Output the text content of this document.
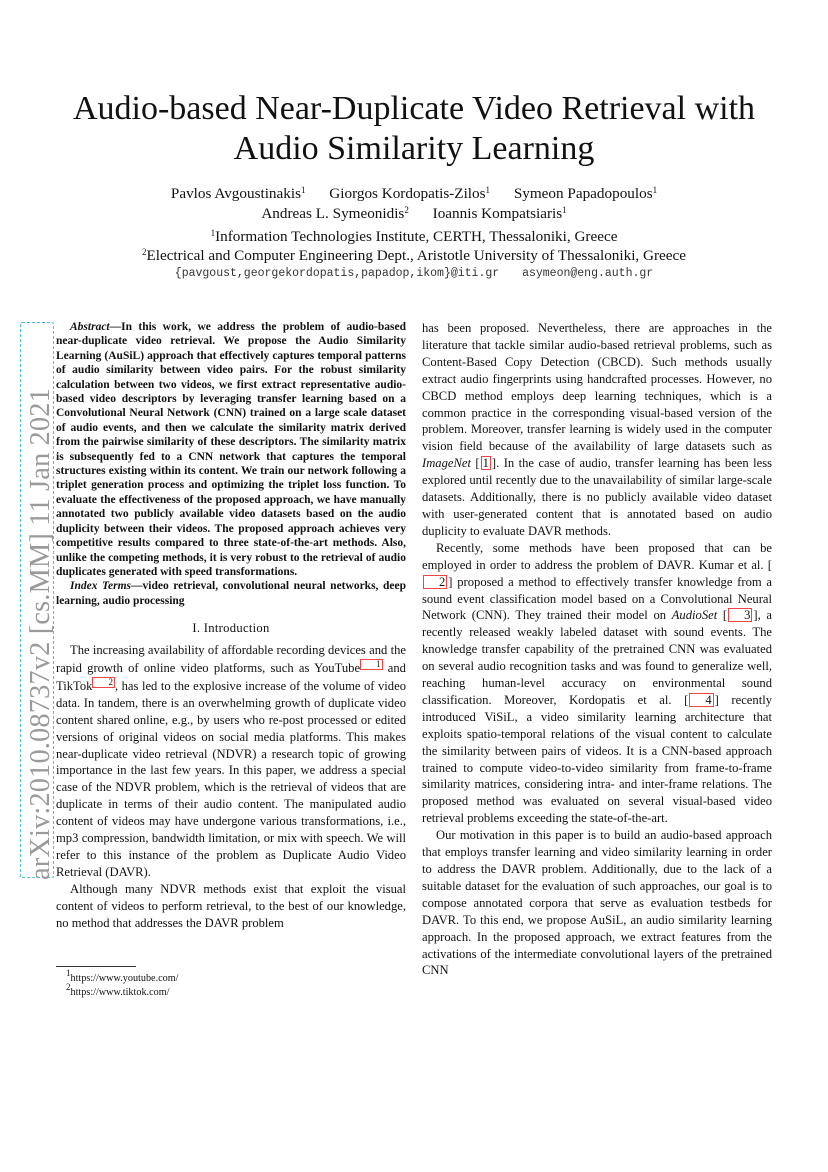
arXiv:2010.08737v2 [cs.MM] 11 Jan 2021
Audio-based Near-Duplicate Video Retrieval with Audio Similarity Learning
Pavlos Avgoustinakis$^1$ Giorgos Kordopatis-Zilos$^1$ Symeon Papadopoulos$^1$
Andreas L. Symeonidis$^2$ Ioannis Kompatsiaris$^1$
$^1$Information Technologies Institute, CERTH, Thessaloniki, Greece
$^2$Electrical and Computer Engineering Dept., Aristotle University of Thessaloniki, Greece
{pavgoust,georgekordopatis,papadop,ikom}@iti.gr asymeon@eng.auth.gr

Abstract—In this work, we address the problem of audio-based near-duplicate video retrieval. We propose the Audio Similarity Learning (AuSiL) approach that effectively captures temporal patterns of audio similarity between video pairs. For the robust similarity calculation between two videos, we first extract representative audio-based video descriptors by leveraging transfer learning based on a Convolutional Neural Network (CNN) trained on a large scale dataset of audio events, and then we calculate the similarity matrix derived from the pairwise similarity of these descriptors. The similarity matrix is subsequently fed to a CNN network that captures the temporal structures existing within its content. We train our network following a triplet generation process and optimizing the triplet loss function. To evaluate the effectiveness of the proposed approach, we have manually annotated two publicly available video datasets based on the audio duplicity between their videos. The proposed approach achieves very competitive results compared to three state-of-the-art methods. Also, unlike the competing methods, it is very robust to the retrieval of audio duplicates generated with speed transformations.

Index Terms—video retrieval, convolutional neural networks, deep learning, audio processing

I. Introduction

The increasing availability of affordable recording devices and the rapid growth of online video platforms, such as YouTube 1 and TikTok 2 , has led to the explosive increase of the volume of video data. In tandem, there is an overwhelming growth of duplicate video content shared online, e.g., by users who re-post processed or edited versions of original videos on social media platforms. This makes near-duplicate video retrieval (NDVR) a research topic of growing importance in the last few years. In this paper, we address a special case of the NDVR problem, which is the retrieval of videos that are duplicate in terms of their audio content. The manipulated audio content of videos may have undergone various transformations, i.e., mp3 compression, bandwidth limitation, or mix with speech. We will refer to this instance of the problem as Duplicate Audio Video Retrieval (DAVR).

Although many NDVR methods exist that exploit the visual content of videos to perform retrieval, to the best of our knowledge, no method that addresses the DAVR problem

$^1$https://www.youtube.com/
$^2$https://www.tiktok.com/

has been proposed. Nevertheless, there are approaches in the literature that tackle similar audio-based retrieval problems, such as Content-Based Copy Detection (CBCD). Such methods usually extract audio fingerprints using handcrafted processes. However, no CBCD method employs deep learning techniques, which is a common practice in the corresponding visual-based version of the problem. Moreover, transfer learning is widely used in the computer vision field because of the availability of large datasets such as ImageNet [ 1 ]. In the case of audio, transfer learning has been less explored until recently due to the unavailability of similar large-scale datasets. Additionally, there is no publicly available video dataset with user-generated content that is annotated based on audio duplicity to evaluate DAVR methods.

Recently, some methods have been proposed that can be employed in order to address the problem of DAVR. Kumar et al. [2 ] proposed a method to effectively transfer knowledge from a sound event classification model based on a Convolutional Neural Network (CNN). They trained their model on AudioSet [ 3 ], a recently released weakly labeled dataset with sound events. The knowledge transfer capability of the pretrained CNN was evaluated on several audio recognition tasks and was found to generalize well, reaching human-level accuracy on environmental sound classification. Moreover, Kordopatis et al. [ 4 ] recently introduced ViSiL, a video similarity learning architecture that exploits spatio-temporal relations of the visual content to calculate the similarity between pairs of videos. It is a CNN-based approach trained to compute video-to-video similarity from frame-to-frame similarity matrices, considering intra- and inter-frame relations. The proposed method was evaluated on several visual-based video retrieval problems exceeding the state-of-the-art.

Our motivation in this paper is to build an audio-based approach that employs transfer learning and video similarity learning in order to address the DAVR problem. Additionally, due to the lack of a suitable dataset for the evaluation of such approaches, our goal is to compose annotated corpora that serve as evaluation testbeds for DAVR. To this end, we propose AuSiL, an audio similarity learning approach. In the proposed approach, we extract features from the activations of the intermediate convolutional layers of the pretrained CNN
